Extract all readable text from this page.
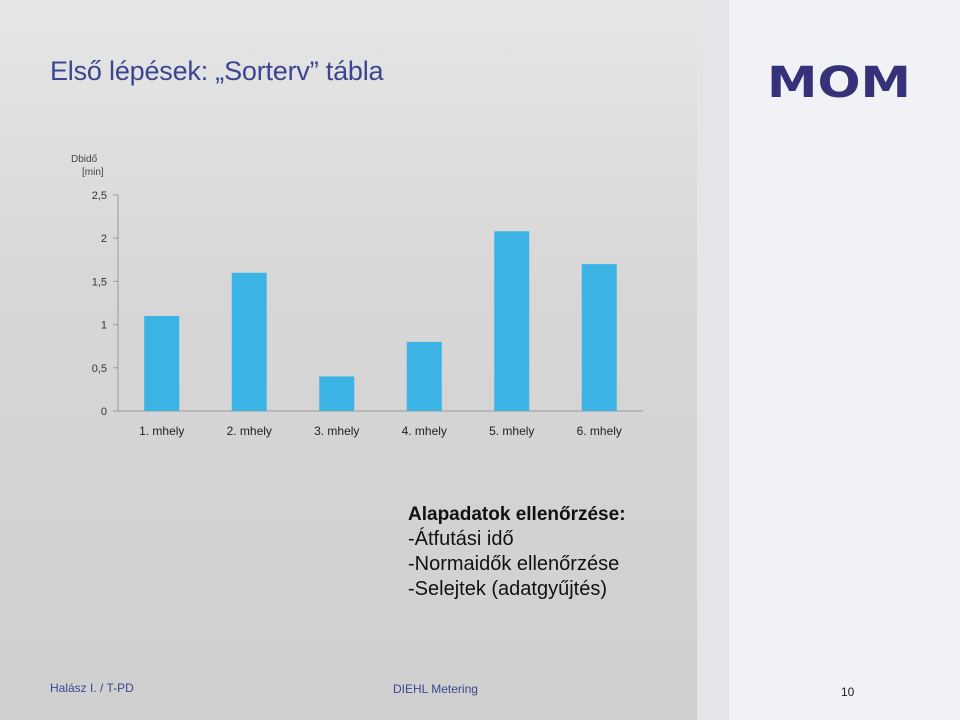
Első lépések: „Sorterv” tábla	MOM
Dbidő
[min]
0
0,5
1
1,5
2
2,5
1. mhely	2. mhely	3. mhely	4. mhely	5. mhely	6. mhely
Alapadatok ellenőrzése:
-Átfutási idő
-Normaidők ellenőrzése
-Selejtek (adatgyűjtés)
Halász I. / T-PD	DIEHL Metering	10
